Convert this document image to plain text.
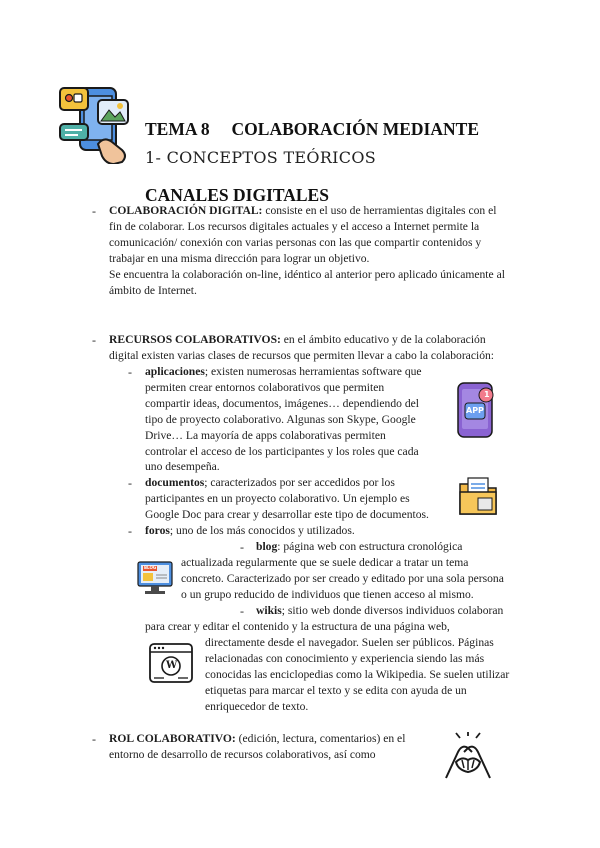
TEMA 8     COLABORACIÓN MEDIANTE

CANALES DIGITALES

1- CONCEPTOS TEÓRICOS
- COLABORACIÓN DIGITAL: consiste en el uso de herramientas digitales con el
fin de colaborar. Los recursos digitales actuales y el acceso a Internet permite la
comunicación/ conexión con varias personas con las que compartir contenidos y
trabajar en una misma dirección para lograr un objetivo.
Se encuentra la colaboración on-line, idéntico al anterior pero aplicado únicamente al
ámbito de Internet.
- RECURSOS COLABORATIVOS: en el ámbito educativo y de la colaboración
digital existen varias clases de recursos que permiten llevar a cabo la colaboración:
- aplicaciones; existen numerosas herramientas software que
permiten crear entornos colaborativos que permiten
compartir ideas, documentos, imágenes… dependiendo del
tipo de proyecto colaborativo. Algunas son Skype, Google
Drive… La mayoría de apps colaborativas permiten
controlar el acceso de los participantes y los roles que cada
uno desempeña.
APP
1
- documentos; caracterizados por ser accedidos por los
participantes en un proyecto colaborativo. Un ejemplo es
Google Doc para crear y desarrollar este tipo de documentos.
- foros; uno de los más conocidos y utilizados.
- blog: página web con estructura cronológica
actualizada regularmente que se suele dedicar a tratar un tema
concreto. Caracterizado por ser creado y editado por una sola persona
o un grupo reducido de individuos que tienen acceso al mismo.
BLOG
- wikis; sitio web donde diversos individuos colaboran
para crear y editar el contenido y la estructura de una página web,
directamente desde el navegador. Suelen ser públicos. Páginas
relacionadas con conocimiento y experiencia siendo las más
conocidas las enciclopedias como la Wikipedia. Se suelen utilizar
etiquetas para marcar el texto y se edita con ayuda de un
enriquecedor de texto.
W
- ROL COLABORATIVO: (edición, lectura, comentarios) en el
entorno de desarrollo de recursos colaborativos, así como
